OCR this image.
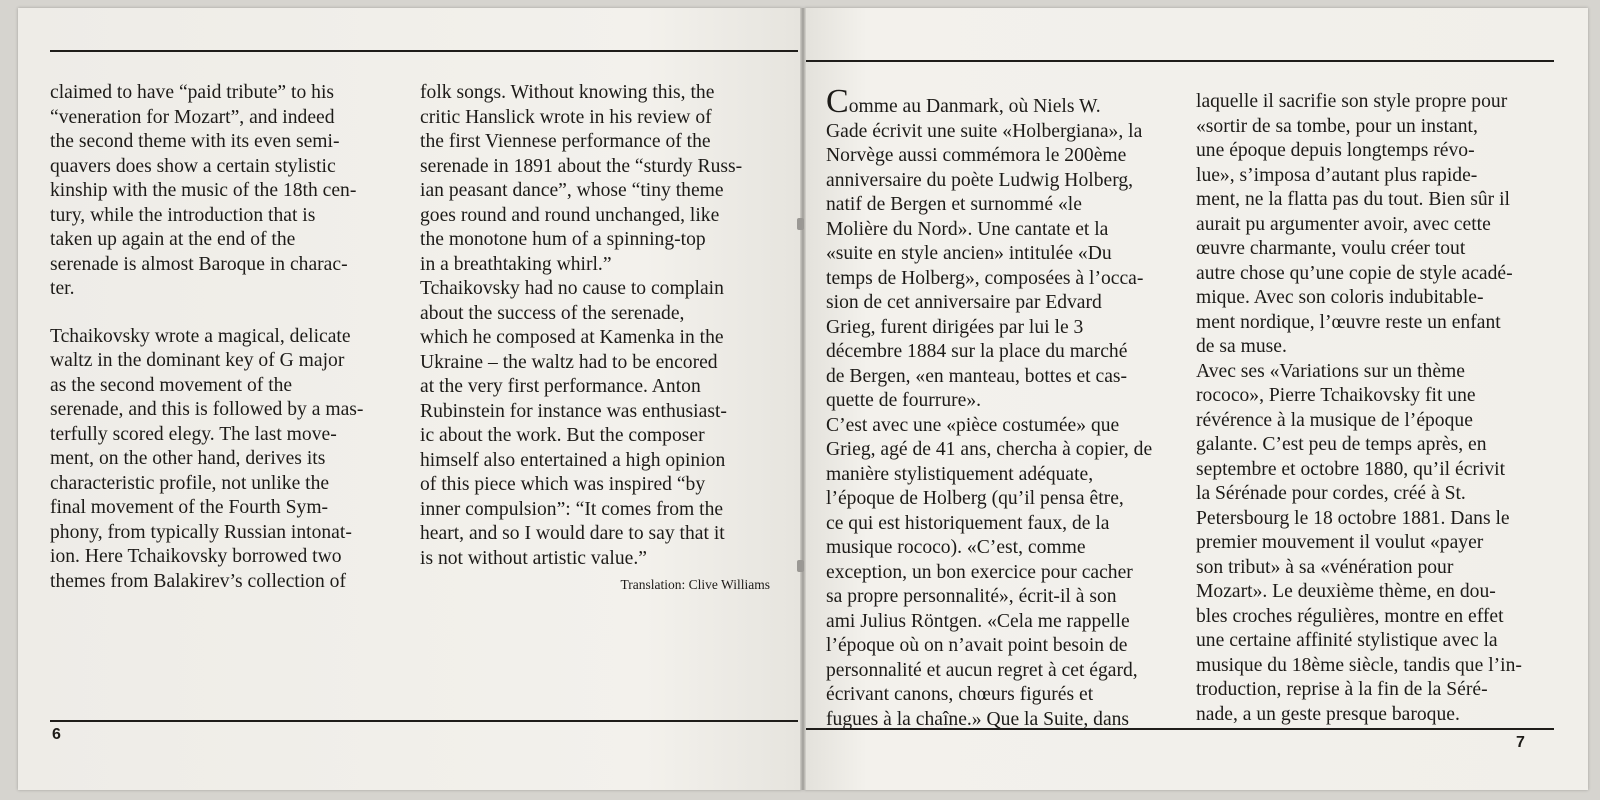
claimed to have “paid tribute” to his
“veneration for Mozart”, and indeed
the second theme with its even semi-
quavers does show a certain stylistic
kinship with the music of the 18th cen-
tury, while the introduction that is
taken up again at the end of the
serenade is almost Baroque in charac-
ter.

Tchaikovsky wrote a magical, delicate
waltz in the dominant key of G major
as the second movement of the
serenade, and this is followed by a mas-
terfully scored elegy. The last move-
ment, on the other hand, derives its
characteristic profile, not unlike the
final movement of the Fourth Sym-
phony, from typically Russian intonat-
ion. Here Tchaikovsky borrowed two
themes from Balakirev’s collection of

folk songs. Without knowing this, the
critic Hanslick wrote in his review of
the first Viennese performance of the
serenade in 1891 about the “sturdy Russ-
ian peasant dance”, whose “tiny theme
goes round and round unchanged, like
the monotone hum of a spinning-top
in a breathtaking whirl.”

Tchaikovsky had no cause to complain
about the success of the serenade,
which he composed at Kamenka in the
Ukraine – the waltz had to be encored
at the very first performance. Anton
Rubinstein for instance was enthusiast-
ic about the work. But the composer
himself also entertained a high opinion
of this piece which was inspired “by
inner compulsion”: “It comes from the
heart, and so I would dare to say that it
is not without artistic value.”

Translation: Clive Williams

Comme au Danmark, où Niels W.
Gade écrivit une suite «Holbergiana», la
Norvège aussi commémora le 200ème
anniversaire du poète Ludwig Holberg,
natif de Bergen et surnommé «le
Molière du Nord». Une cantate et la
«suite en style ancien» intitulée «Du
temps de Holberg», composées à l’occa-
sion de cet anniversaire par Edvard
Grieg, furent dirigées par lui le 3
décembre 1884 sur la place du marché
de Bergen, «en manteau, bottes et cas-
quette de fourrure».

C’est avec une «pièce costumée» que
Grieg, agé de 41 ans, chercha à copier, de
manière stylistiquement adéquate,
l’époque de Holberg (qu’il pensa être,
ce qui est historiquement faux, de la
musique rococo). «C’est, comme
exception, un bon exercice pour cacher
sa propre personnalité», écrit-il à son
ami Julius Röntgen. «Cela me rappelle
l’époque où on n’avait point besoin de
personnalité et aucun regret à cet égard,
écrivant canons, chœurs figurés et
fugues à la chaîne.» Que la Suite, dans

laquelle il sacrifie son style propre pour
«sortir de sa tombe, pour un instant,
une époque depuis longtemps révo-
lue», s’imposa d’autant plus rapide-
ment, ne la flatta pas du tout. Bien sûr il
aurait pu argumenter avoir, avec cette
œuvre charmante, voulu créer tout
autre chose qu’une copie de style acadé-
mique. Avec son coloris indubitable-
ment nordique, l’œuvre reste un enfant
de sa muse.

Avec ses «Variations sur un thème
rococo», Pierre Tchaikovsky fit une
révérence à la musique de l’époque
galante. C’est peu de temps après, en
septembre et octobre 1880, qu’il écrivit
la Sérénade pour cordes, créé à St.
Petersbourg le 18 octobre 1881. Dans le
premier mouvement il voulut «payer
son tribut» à sa «vénération pour
Mozart». Le deuxième thème, en dou-
bles croches régulières, montre en effet
une certaine affinité stylistique avec la
musique du 18ème siècle, tandis que l’in-
troduction, reprise à la fin de la Séré-
nade, a un geste presque baroque.

6	7
